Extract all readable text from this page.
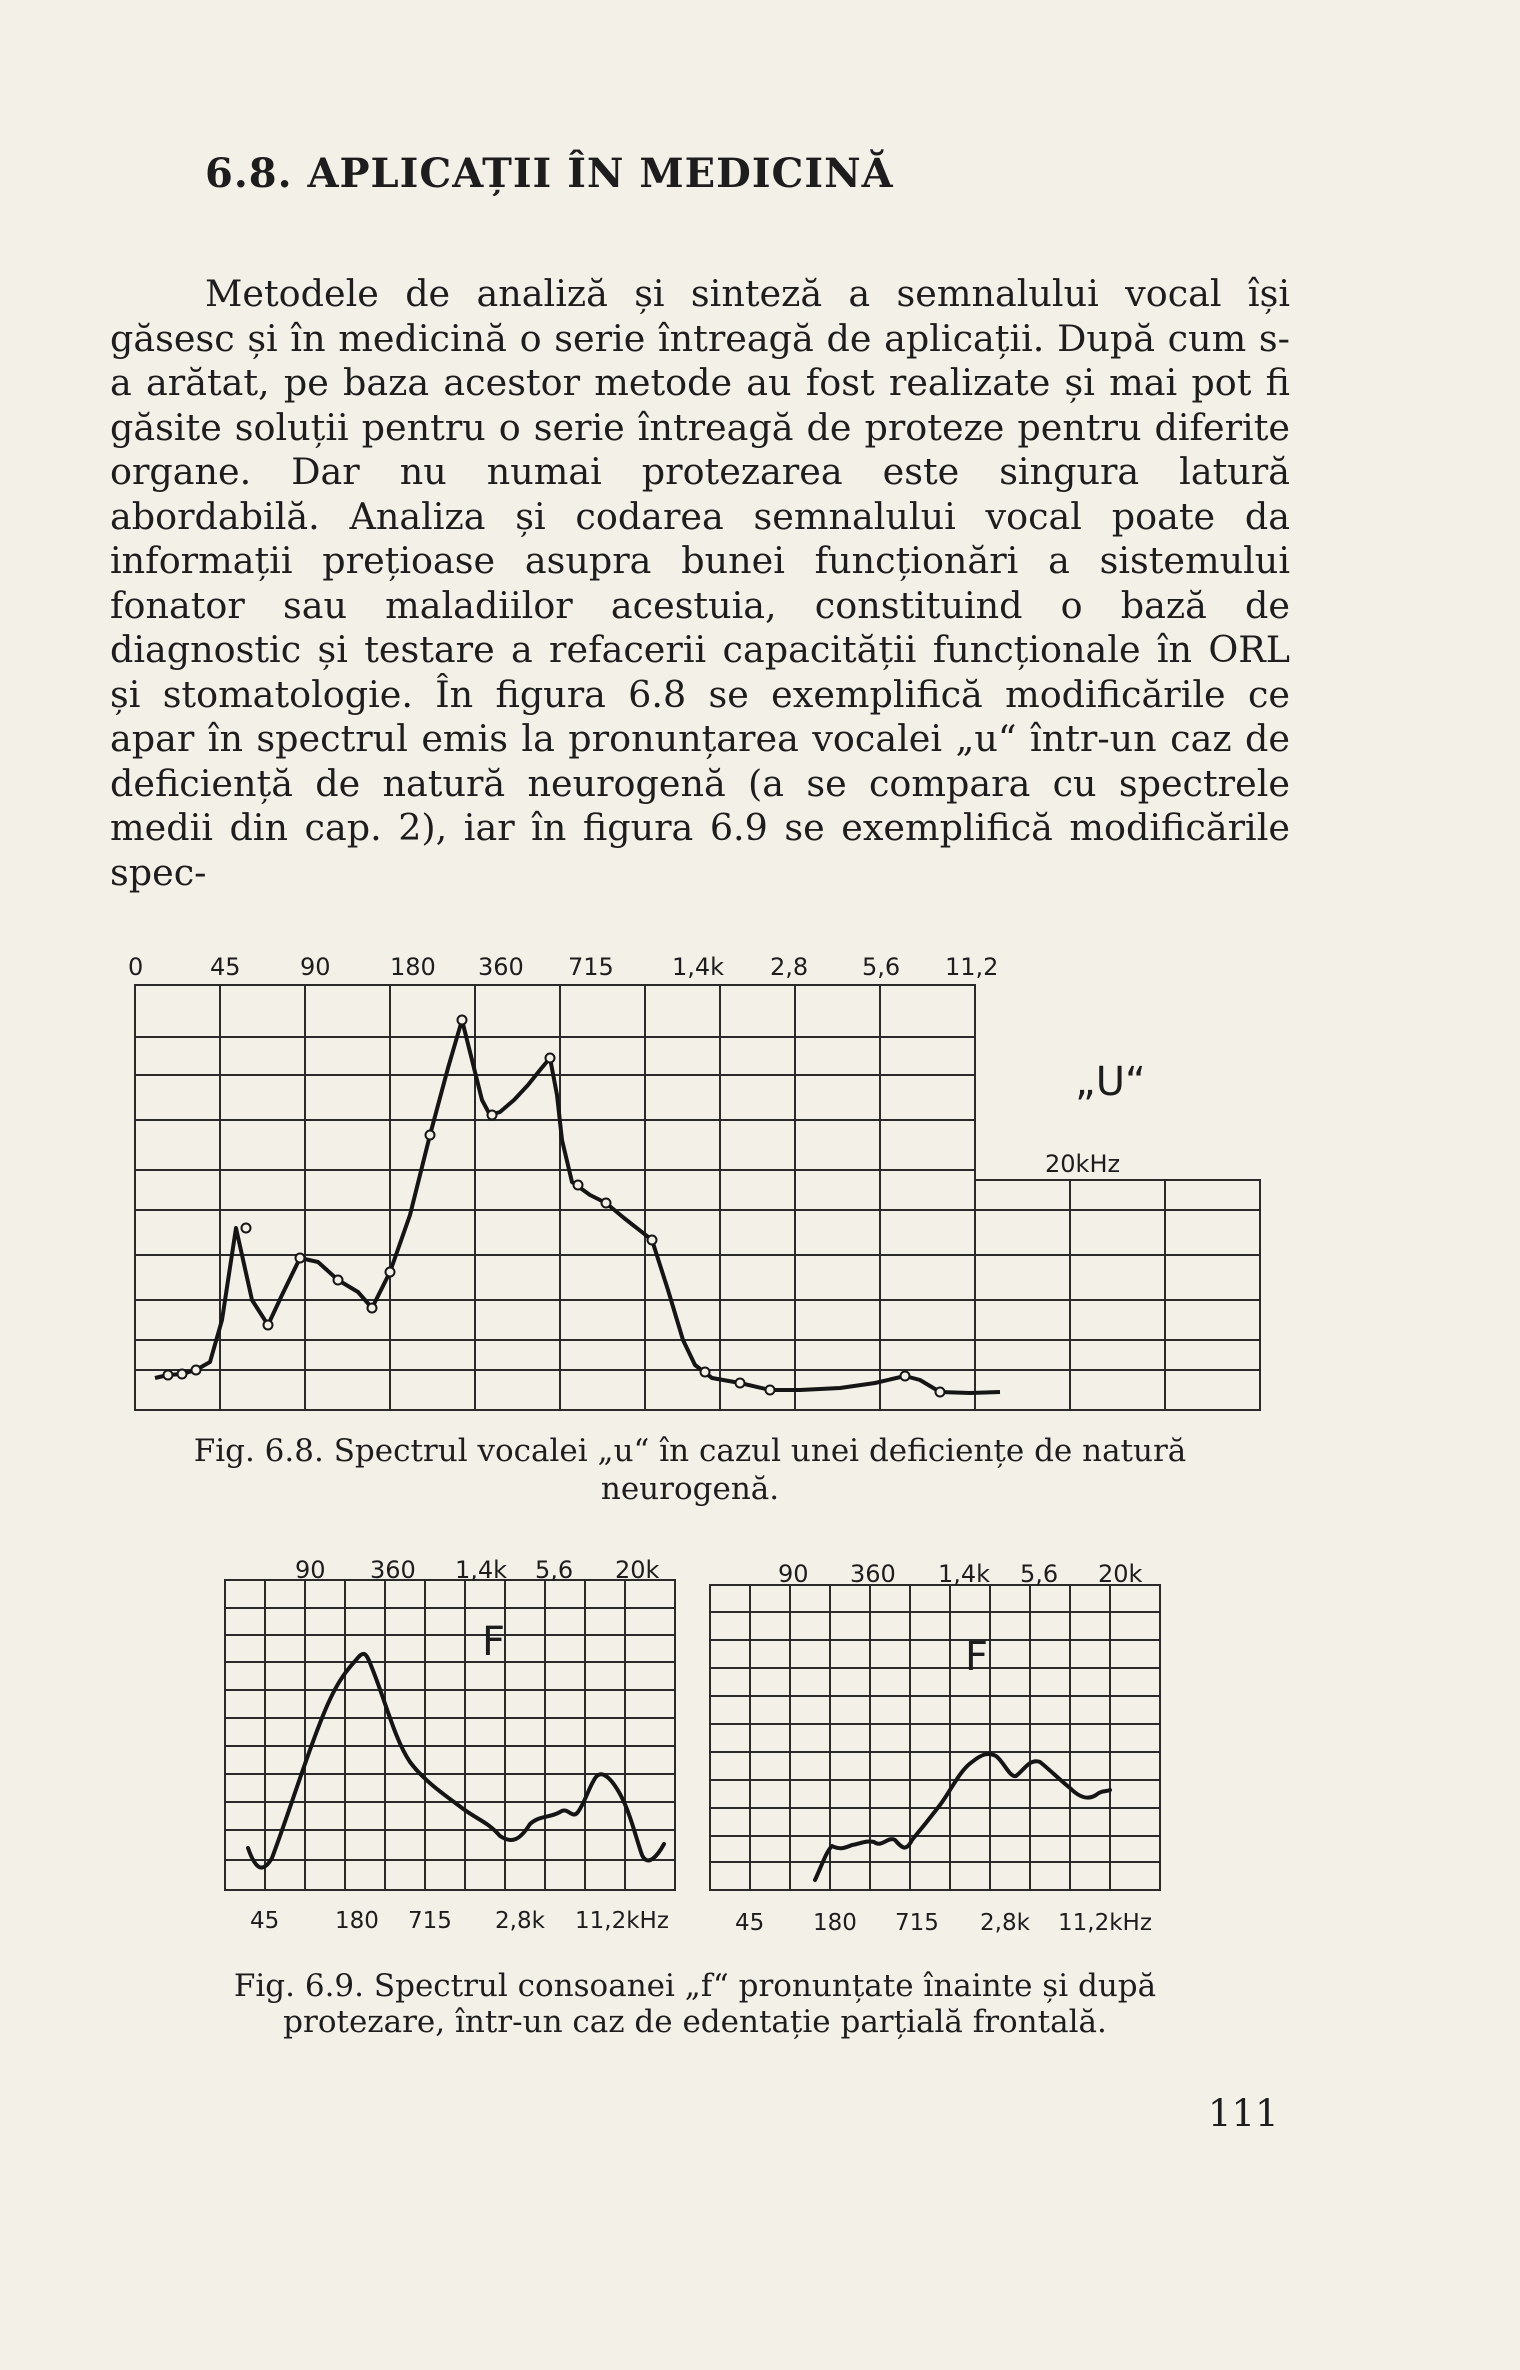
6.8. APLICAȚII ÎN MEDICINĂ

Metodele de analiză și sinteză a semnalului vocal își găsesc și în medicină o serie întreagă de aplicații. După cum s-a arătat, pe baza acestor metode au fost realizate și mai pot fi găsite soluții pentru o serie întreagă de proteze pentru diferite organe. Dar nu numai protezarea este singura latură abordabilă. Analiza și codarea semnalului vocal poate da informații prețioase asupra bunei funcționări a sistemului fonator sau maladiilor acestuia, constituind o bază de diagnostic și testare a refacerii capacității funcționale în ORL și stomatologie. În figura 6.8 se exemplifică modificările ce apar în spectrul emis la pronunțarea vocalei „u“ într-un caz de deficiență de natură neurogenă (a se compara cu spectrele medii din cap. 2), iar în figura 6.9 se exemplifică modificările spec-

0	45 90 180 360 715 1,4k 2,8 5,6 11,2
„U“
20kHz
90 360 1,4k 5,6 20k
45 180 715 2,8k 11,2kHz
F
90 360 1,4k 5,6 20k
45 180 715 2,8k 11,2kHz
F

Fig. 6.8. Spectrul vocalei „u“ în cazul unei deficiențe de natură neurogenă.

Fig. 6.9. Spectrul consoanei „f“ pronunțate înainte și după protezare, într-un caz de edentație parțială frontală.

111
